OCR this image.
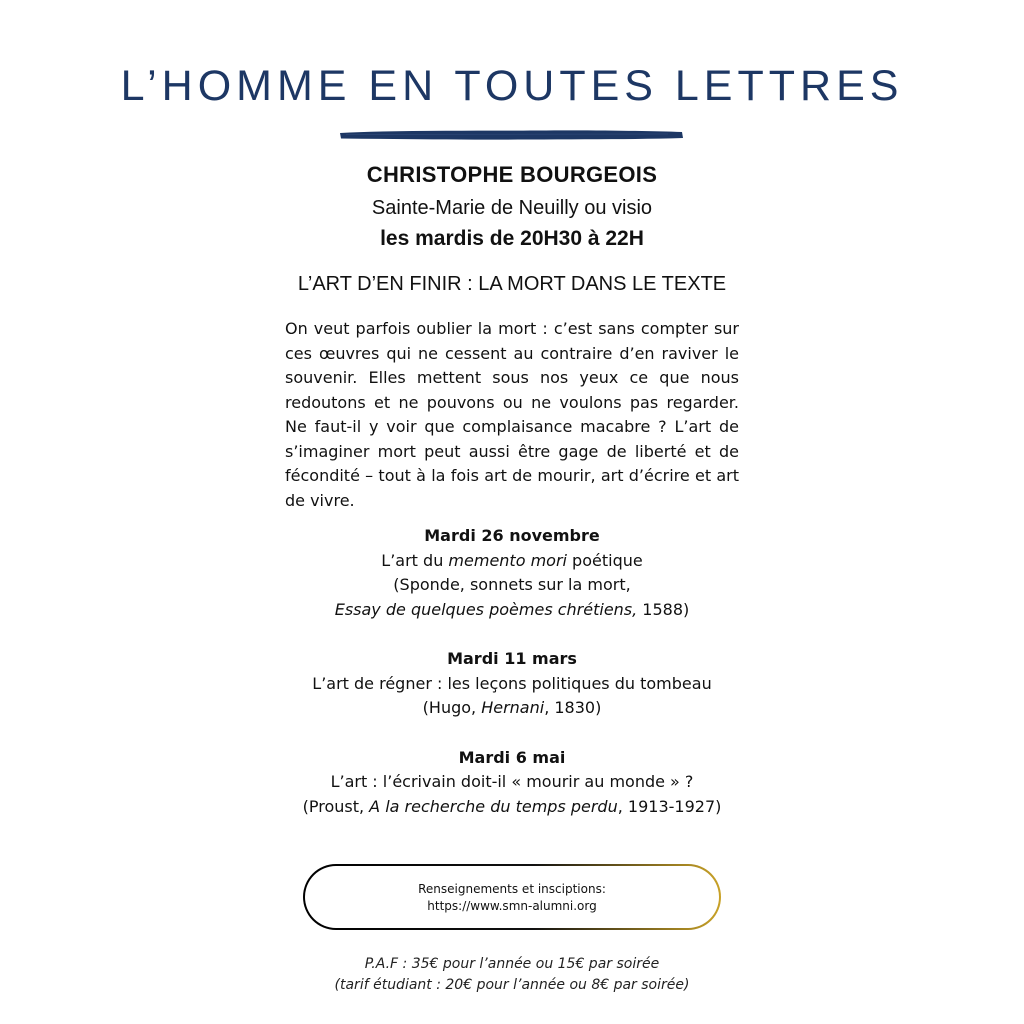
L’HOMME EN TOUTES LETTRES
CHRISTOPHE BOURGEOIS
Sainte-Marie de Neuilly ou visio
les mardis de 20H30 à 22H
L’ART D’EN FINIR : LA MORT DANS LE TEXTE

On veut parfois oublier la mort : c’est sans compter sur ces œuvres qui ne cessent au contraire d’en raviver le souvenir. Elles mettent sous nos yeux ce que nous redoutons et ne pouvons ou ne voulons pas regarder. Ne faut-il y voir que complaisance macabre ? L’art de s’imaginer mort peut aussi être gage de liberté et de fécondité – tout à la fois art de mourir, art d’écrire et art de vivre.

Mardi 26 novembre
L’art du memento mori poétique
(Sponde, sonnets sur la mort,
Essay de quelques poèmes chrétiens, 1588)
Mardi 11 mars
L’art de régner : les leçons politiques du tombeau
(Hugo, Hernani, 1830)
Mardi 6 mai
L’art : l’écrivain doit-il « mourir au monde » ?
(Proust, A la recherche du temps perdu, 1913-1927)
Renseignements et insciptions:
https://www.smn-alumni.org
P.A.F : 35€ pour l’année ou 15€ par soirée
(tarif étudiant : 20€ pour l’année ou 8€ par soirée)
